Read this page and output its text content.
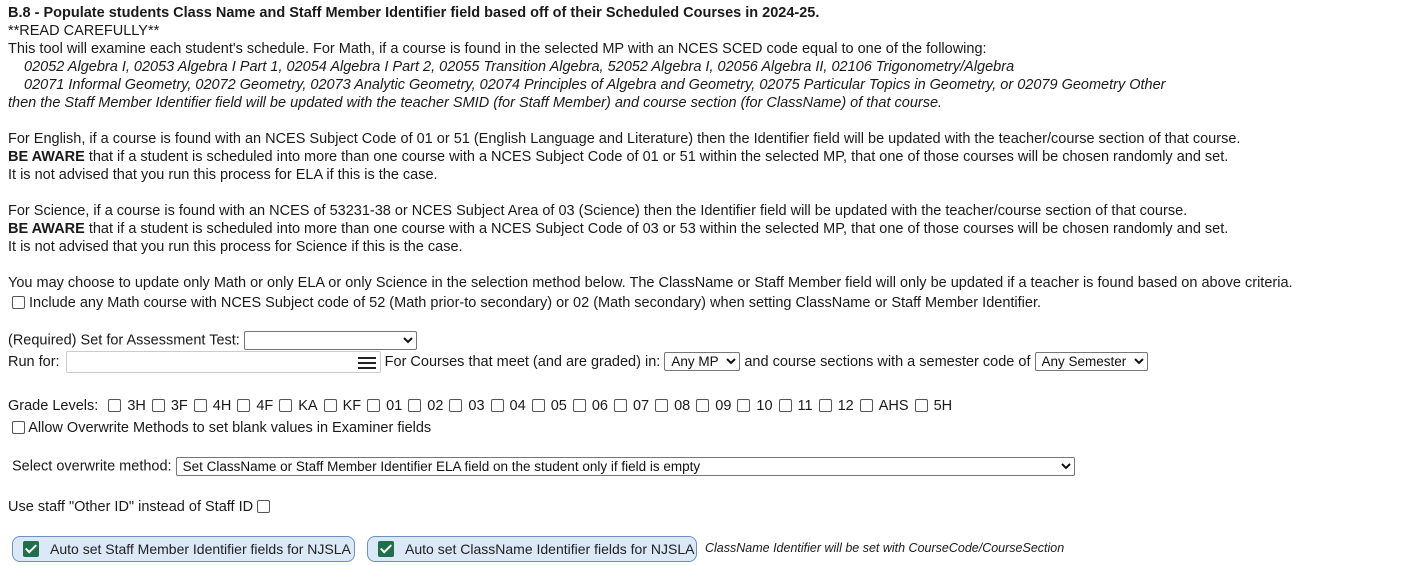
B.8 - Populate students Class Name and Staff Member Identifier field based off of their Scheduled Courses in 2024-25.
**READ CAREFULLY**
This tool will examine each student's schedule. For Math, if a course is found in the selected MP with an NCES SCED code equal to one of the following:
02052 Algebra I, 02053 Algebra I Part 1, 02054 Algebra I Part 2, 02055 Transition Algebra, 52052 Algebra I, 02056 Algebra II, 02106 Trigonometry/Algebra
02071 Informal Geometry, 02072 Geometry, 02073 Analytic Geometry, 02074 Principles of Algebra and Geometry, 02075 Particular Topics in Geometry, or 02079 Geometry Other
then the Staff Member Identifier field will be updated with the teacher SMID (for Staff Member) and course section (for ClassName) of that course.
For English, if a course is found with an NCES Subject Code of 01 or 51 (English Language and Literature) then the Identifier field will be updated with the teacher/course section of that course.
BE AWARE that if a student is scheduled into more than one course with a NCES Subject Code of 01 or 51 within the selected MP, that one of those courses will be chosen randomly and set.
It is not advised that you run this process for ELA if this is the case.
For Science, if a course is found with an NCES of 53231-38 or NCES Subject Area of 03 (Science) then the Identifier field will be updated with the teacher/course section of that course.
BE AWARE that if a student is scheduled into more than one course with a NCES Subject Code of 03 or 53 within the selected MP, that one of those courses will be chosen randomly and set.
It is not advised that you run this process for Science if this is the case.
You may choose to update only Math or only ELA or only Science in the selection method below. The ClassName or Staff Member field will only be updated if a teacher is found based on above criteria.
Include any Math course with NCES Subject code of 52 (Math prior-to secondary) or 02 (Math secondary) when setting ClassName or Staff Member Identifier.
(Required) Set for Assessment Test:
Run for:	For Courses that meet (and are graded) in:
Any MP	and course sections with a semester code of
Any Semester
Grade Levels: 3H 3F 4H 4F KA KF 01 02 03 04 05 06 07 08 09 10 11 12 AHS 5H
Allow Overwrite Methods to set blank values in Examiner fields
Select overwrite method:
Set ClassName or Staff Member Identifier ELA field on the student only if field is empty
Use staff "Other ID" instead of Staff ID
Auto set Staff Member Identifier fields for NJSLA	Auto set ClassName Identifier fields for NJSLA ClassName Identifier will be set with CourseCode/CourseSection
